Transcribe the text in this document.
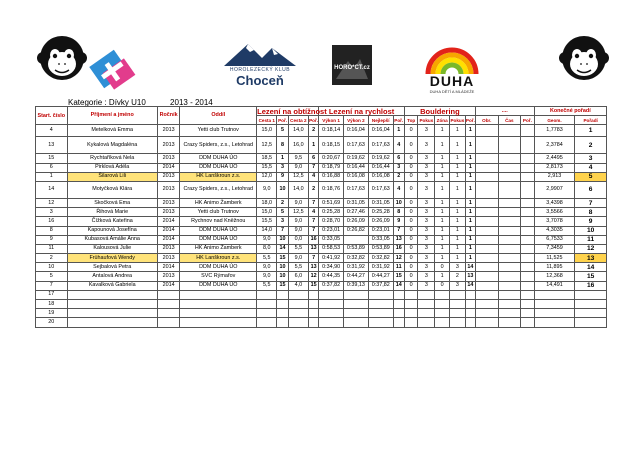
HOROLEZECKÝ KLUB
Choceň
HORO*CT.cz
DUHA
DUHA DĚTÍ A MLÁDEŽE
Kategorie : Dívky U10	2013 - 2014
Start. číslo	Příjmení a jméno	Ročník	Oddíl	Lezení na obtížnost				Lezení na rychlost				Bouldering					....			Konečné pořadí	
				Cesta 1	Poř.	Cesta 2	Poř.	Výkon 1	Výkon 2	Nejlepší	Poř.	Top	Pokus	Zóna	Pokus	Poř.	Obr.	Čas	Poř.	Geom.	Pořadí
4	Metelková Emma	2013	Yetti club Trutnov	15,0	5	14,0	2	0:18,14	0:16,04	0:16,04	1	0	3	1	1	1				1,7783	1
13	Kykalová Magdaléna	2013	Crazy Spiders, z.s., Letohrad	12,5	8	16,0	1	0:18,15	0:17,63	0:17,63	4	0	3	1	1	1				2,3784	2
15	Rychtaříková Nela	2013	DDM DUHA ÚO	18,5	1	9,5	6	0:20,67	0:19,62	0:19,62	6	0	3	1	1	1				2,4495	3
6	Pirklová Adéla	2014	DDM DUHA ÚO	15,5	3	9,0	7	0:18,79	0:16,44	0:16,44	3	0	3	1	1	1				2,8173	4
1	Šilarová Lili	2013	HK Lanškroun z.s.	12,0	9	12,5	4	0:16,88	0:16,08	0:16,08	2	0	3	1	1	1				2,913	5
14	Motyčková Klára	2013	Crazy Spiders, z.s., Letohrad	9,0	10	14,0	2	0:18,76	0:17,63	0:17,63	4	0	3	1	1	1				2,9907	6
12	Skočková Ema	2013	HK Animo Žamberk	18,0	2	9,0	7	0:51,69	0:31,05	0:31,05	10	0	3	1	1	1				3,4398	7
3	Řihová Marie	2013	Yetti club Trutnov	15,0	5	12,5	4	0:25,28	0:27,46	0:25,28	8	0	3	1	1	1				3,5566	8
16	Čížková Kateřina	2014	Rychnov nad Kněžnou	15,5	3	9,0	7	0:28,70	0:26,09	0:26,09	9	0	3	1	1	1				3,7078	9
8	Kapounová Josefína	2014	DDM DUHA ÚO	14,0	7	9,0	7	0:23,01	0:26,82	0:23,01	7	0	3	1	1	1				4,3035	10
9	Kubasová Amálie Anna	2014	DDM DUHA ÚO	9,0	10	0,0	16	0:33,05		0:33,05	13	0	3	1	1	1				6,7533	11
11	Kalousová Julie	2013	HK Animo Žamberk	8,0	14	5,5	13	0:58,53	0:53,89	0:53,89	16	0	3	1	1	1				7,3459	12
2	Frühaufová Wendy	2013	HK Lanškroun z.s.	5,5	15	9,0	7	0:41,92	0:32,82	0:32,82	12	0	3	1	1	1				11,525	13
10	Sejbalová Petra	2014	DDM DUHA ÚO	9,0	10	5,5	13	0:34,90	0:31,92	0:31,92	11	0	3	0	3	14				11,895	14
5	Antalová Andrea	2013	SVC Rýmařov	9,0	10	6,0	12	0:44,35	0:44,27	0:44,27	15	0	3	1	2	13				12,368	15
7	Kavalková Gabriela	2014	DDM DUHA ÚO	5,5	15	4,0	15	0:37,82	0:39,13	0:37,82	14	0	3	0	3	14				14,491	16
17																					
18																					
19																					
20																					
